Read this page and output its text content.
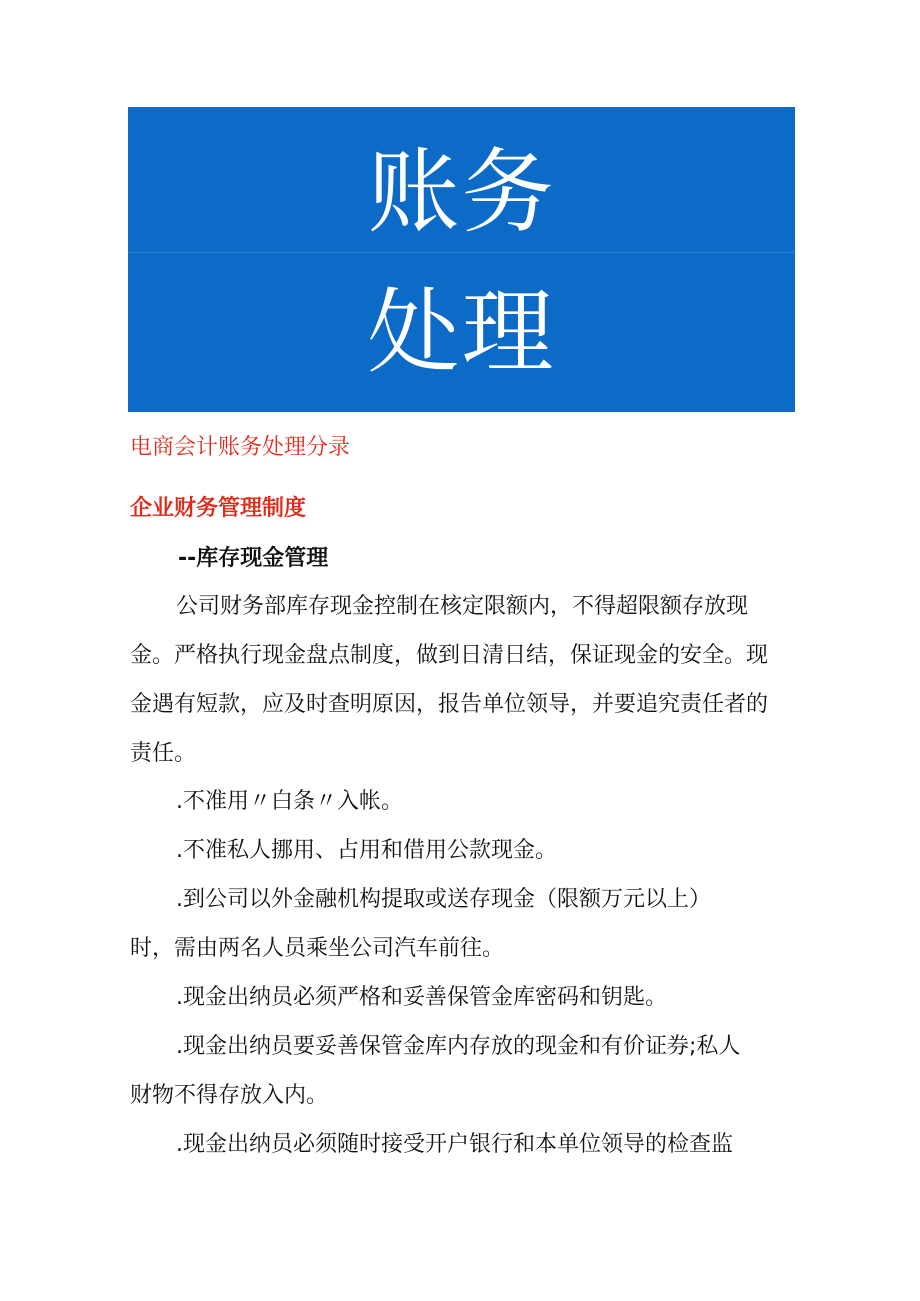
账务
处理
电商会计账务处理分录
企业财务管理制度
--库存现金管理
公司财务部库存现金控制在核定限额内，不得超限额存放现
金。严格执行现金盘点制度，做到日清日结，保证现金的安全。现
金遇有短款，应及时查明原因，报告单位领导，并要追究责任者的
责任。
.不准用〃白条〃入帐。
.不准私人挪用、占用和借用公款现金。
.到公司以外金融机构提取或送存现金（限额万元以上）
时，需由两名人员乘坐公司汽车前往。
.现金出纳员必须严格和妥善保管金库密码和钥匙。
.现金出纳员要妥善保管金库内存放的现金和有价证券;私人
财物不得存放入内。
.现金出纳员必须随时接受开户银行和本单位领导的检查监
